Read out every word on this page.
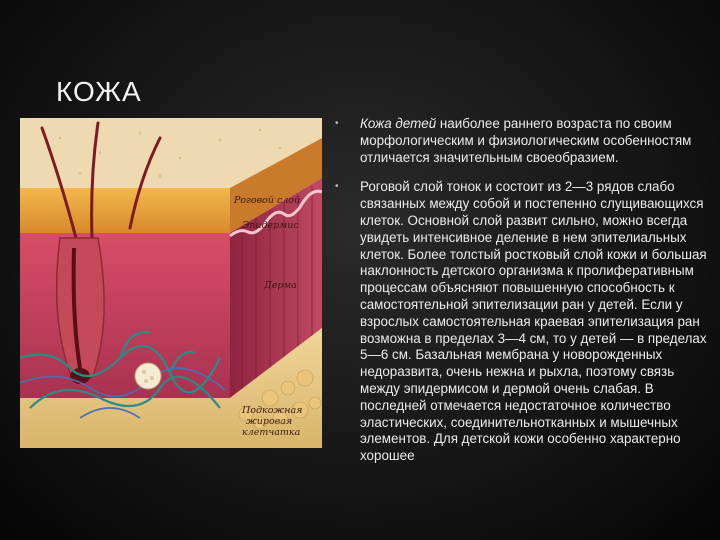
КОЖА
Роговой слой
Эпидермис
Дерма
Подкожная
жировая
клетчатка
• Кожа детей наиболее раннего возраста по своим морфологическим и физиологическим особенностям отличается значительным своеобразием.
• Роговой слой тонок и состоит из 2—3 рядов слабо связанных между собой и постепенно слущивающихся клеток. Основной слой развит сильно, можно всегда увидеть интенсивное деление в нем эпителиальных клеток. Более толстый ростковый слой кожи и большая наклонность детского организма к пролиферативным процессам объясняют повышенную способность к самостоятельной эпителизации ран у детей. Если у взрослых самостоятельная краевая эпителизация ран возможна в пределах 3—4 см, то у детей — в пределах 5—6 см. Базальная мембрана у новорожденных недоразвита, очень нежна и рыхла, поэтому связь между эпидермисом и дермой очень слабая. В последней отмечается недостаточное количество эластических, соединительнотканных и мышечных элементов. Для детской кожи особенно характерно хорошее
